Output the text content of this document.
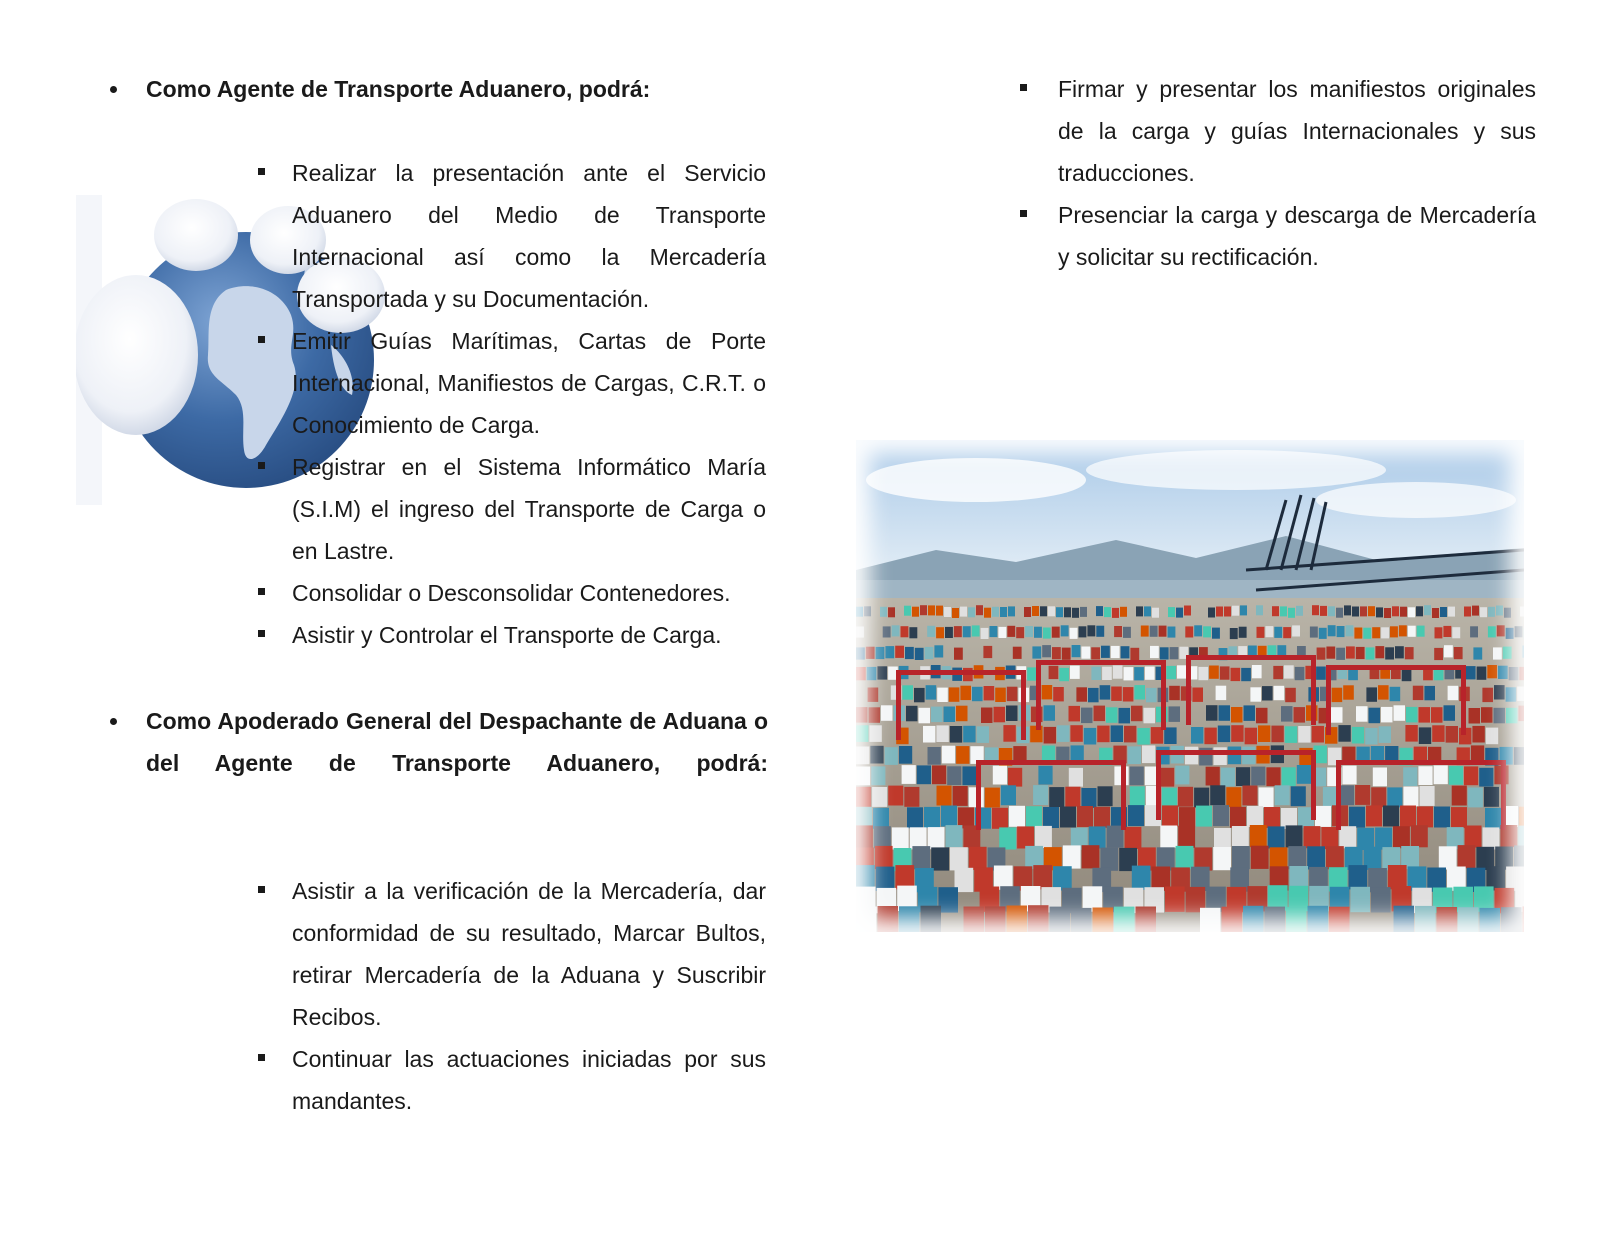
Como Agente de Transporte Aduanero, podrá:
Realizar la presentación ante el Servicio Aduanero del Medio de Transporte Internacional así como la Mercadería Transportada y su Documentación.
Emitir Guías Marítimas, Cartas de Porte Internacional, Manifiestos de Cargas, C.R.T. o Conocimiento de Carga.
Registrar en el Sistema Informático María (S.I.M) el ingreso del Transporte de Carga o en Lastre.
Consolidar o Desconsolidar Contenedores.
Asistir y Controlar el Transporte de Carga.
Como Apoderado General del Despachante de Aduana o del Agente de Transporte Aduanero, podrá:
Asistir a la verificación de la Mercadería, dar conformidad de su resultado, Marcar Bultos, retirar Mercadería de la Aduana y Suscribir Recibos.
Continuar las actuaciones iniciadas por sus mandantes.
Firmar y presentar los manifiestos originales de la carga y guías Internacionales y sus traducciones.
Presenciar la carga y descarga de Mercadería y solicitar su rectificación.
